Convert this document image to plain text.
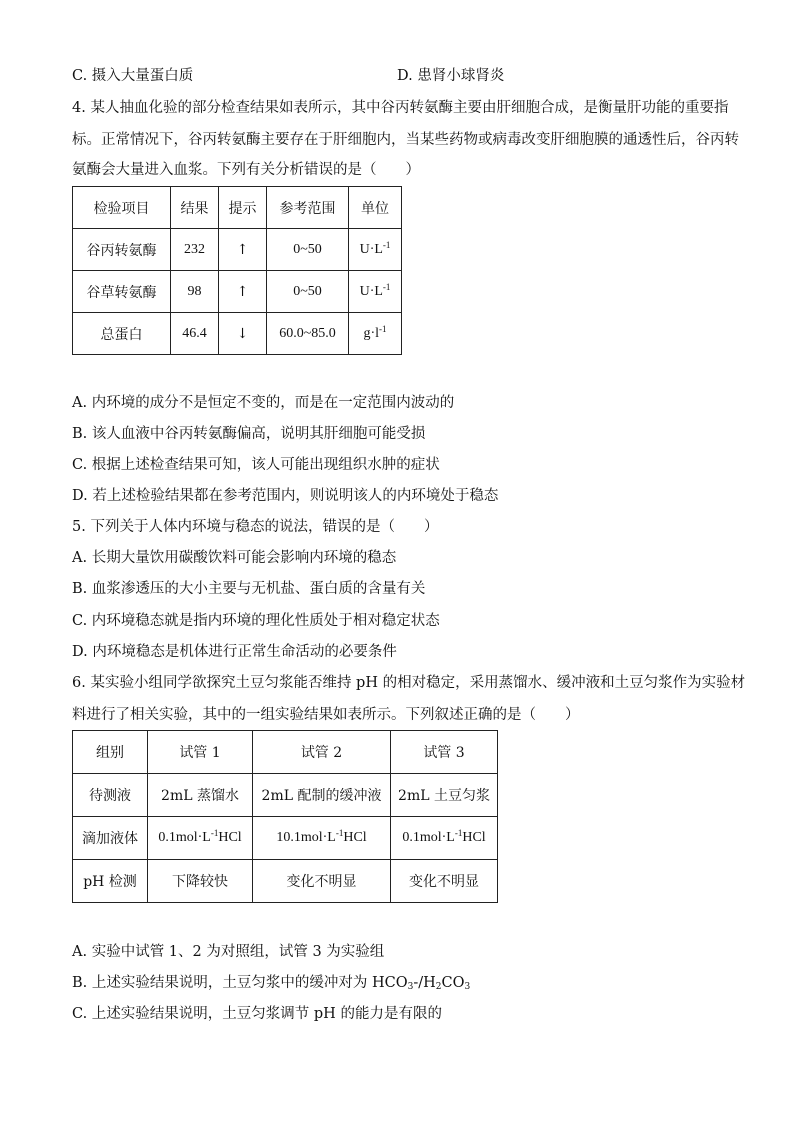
C. 摄入大量蛋白质	D. 患肾小球肾炎
4. 某人抽血化验的部分检查结果如表所示，其中谷丙转氨酶主要由肝细胞合成，是衡量肝功能的重要指
标。正常情况下，谷丙转氨酶主要存在于肝细胞内，当某些药物或病毒改变肝细胞膜的通透性后，谷丙转
氨酶会大量进入血浆。下列有关分析错误的是（　　）
检验项目	结果	提示	参考范围	单位
谷丙转氨酶	232	↑	0~50	$U\cdot L^{-1}$
谷草转氨酶	98	↑	0~50	$U\cdot L^{-1}$
总蛋白	46.4	↓	60.0~85.0	$g\cdot l^{-1}$
A. 内环境的成分不是恒定不变的，而是在一定范围内波动的
B. 该人血液中谷丙转氨酶偏高，说明其肝细胞可能受损
C. 根据上述检查结果可知，该人可能出现组织水肿的症状
D. 若上述检验结果都在参考范围内，则说明该人的内环境处于稳态
5. 下列关于人体内环境与稳态的说法，错误的是（　　）
A. 长期大量饮用碳酸饮料可能会影响内环境的稳态
B. 血浆渗透压的大小主要与无机盐、蛋白质的含量有关
C. 内环境稳态就是指内环境的理化性质处于相对稳定状态
D. 内环境稳态是机体进行正常生命活动的必要条件
6. 某实验小组同学欲探究土豆匀浆能否维持 pH 的相对稳定，采用蒸馏水、缓冲液和土豆匀浆作为实验材
料进行了相关实验，其中的一组实验结果如表所示。下列叙述正确的是（　　）
组别	试管 1	试管 2	试管 3
待测液	2mL 蒸馏水	2mL 配制的缓冲液	2mL 土豆匀浆
滴加液体	$0.1mol\cdot L^{-1}HCl$	$10.1mol\cdot L^{-1}HCl$	$0.1mol\cdot L^{-1}HCl$
pH 检测	下降较快	变化不明显	变化不明显
A. 实验中试管 1、2 为对照组，试管 3 为实验组
B. 上述实验结果说明，土豆匀浆中的缓冲对为 $HCO_3-/H_2CO_3$
C. 上述实验结果说明，土豆匀浆调节 pH 的能力是有限的
